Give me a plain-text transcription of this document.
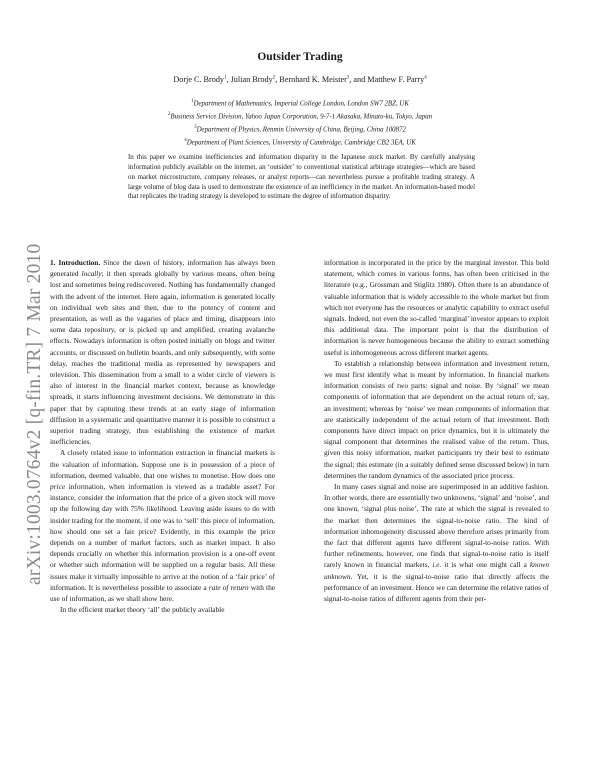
arXiv:1003.0764v2 [q-fin.TR] 7 Mar 2010
Outsider Trading
Dorje C. Brody$^1$, Julian Brody$^2$, Bernhard K. Meister$^3$, and Matthew F. Parry$^4$
$^1$Department of Mathematics, Imperial College London, London SW7 2BZ, UK
$^2$Business Service Division, Yahoo Japan Corporation, 9-7-1 Akasaka, Minato-ku, Tokyo, Japan
$^3$Department of Physics, Renmin University of China, Beijing, China 100872
$^4$Department of Plant Sciences, University of Cambridge, Cambridge CB2 3EA, UK
In this paper we examine inefficiencies and information disparity in the Japanese stock market. By carefully analysing information publicly available on the internet, an ‘outsider’ to conventional statistical arbitrage strategies—which are based on market microstructure, company releases, or analyst reports—can nevertheless pursue a profitable trading strategy. A large volume of blog data is used to demonstrate the existence of an inefficiency in the market. An information-based model that replicates the trading strategy is developed to estimate the degree of information disparity.

1. Introduction. Since the dawn of history, information has always been generated locally; it then spreads globally by various means, often being lost and sometimes being rediscovered. Nothing has fundamentally changed with the advent of the internet. Here again, information is generated locally on individual web sites and then, due to the potency of content and presentation, as well as the vagaries of place and timing, disappears into some data repository, or is picked up and amplified, creating avalanche effects. Nowadays information is often posted initially on blogs and twitter accounts, or discussed on bulletin boards, and only subsequently, with some delay, reaches the traditional media as represented by newspapers and television. This dissemination from a small to a wider circle of viewers is also of interest in the financial market context, because as knowledge spreads, it starts influencing investment decisions. We demonstrate in this paper that by capturing these trends at an early stage of information diffusion in a systematic and quantitative manner it is possible to construct a superior trading strategy, thus establishing the existence of market inefficiencies.

A closely related issue to information extraction in financial markets is the valuation of information. Suppose one is in possession of a piece of information, deemed valuable, that one wishes to monetise. How does one price information, when information is viewed as a tradable asset? For instance, consider the information that the price of a given stock will move up the following day with 75% likelihood. Leaving aside issues to do with insider trading for the moment, if one was to ‘sell’ this piece of information, how should one set a fair price? Evidently, in this example the price depends on a number of market factors, such as market impact. It also depends crucially on whether this information provision is a one-off event or whether such information will be supplied on a regular basis. All these issues make it virtually impossible to arrive at the notion of a ‘fair price’ of information. It is nevertheless possible to associate a rate of return with the use of information, as we shall show here.

In the efficient market theory ‘all’ the publicly available

information is incorporated in the price by the marginal investor. This bold statement, which comes in various forms, has often been criticised in the literature (e.g., Grossman and Stiglitz 1980). Often there is an abundance of valuable information that is widely accessible to the whole market but from which not everyone has the resources or analytic capability to extract useful signals. Indeed, not even the so-called ‘marginal’ investor appears to exploit this additional data. The important point is that the distribution of information is never homogeneous because the ability to extract something useful is inhomogeneous across different market agents.

To establish a relationship between information and investment return, we must first identify what is meant by information. In financial markets information consists of two parts: signal and noise. By ‘signal’ we mean components of information that are dependent on the actual return of, say, an investment; whereas by ‘noise’ we mean components of information that are statistically independent of the actual return of that investment. Both components have direct impact on price dynamics, but it is ultimately the signal component that determines the realised value of the return. Thus, given this noisy information, market participants try their best to estimate the signal; this estimate (in a suitably defined sense discussed below) in turn determines the random dynamics of the associated price process.

In many cases signal and noise are superimposed in an additive fashion. In other words, there are essentially two unknowns, ‘signal’ and ‘noise’, and one known, ‘signal plus noise’. The rate at which the signal is revealed to the market then determines the signal-to-noise ratio. The kind of information inhomogeneity discussed above therefore arises primarily from the fact that different agents have different signal-to-noise ratios. With further refinements, however, one finds that signal-to-noise ratio is itself rarely known in financial markets, i.e. it is what one might call a known unknown. Yet, it is the signal-to-noise ratio that directly affects the performance of an investment. Hence we can determine the relative ratios of signal-to-noise ratios of different agents from their per-
